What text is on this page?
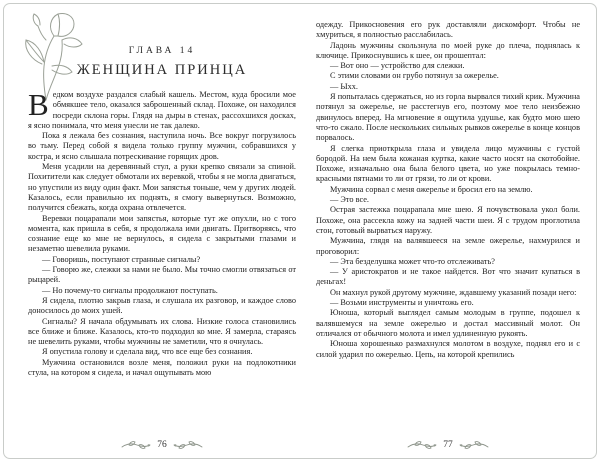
ГЛАВА 14
ЖЕНЩИНА ПРИНЦА

Ведком воздухе раздался слабый кашель. Местом, куда бросили мое обмякшее тело, оказался заброшенный склад. Похоже, он находился посреди склона горы. Глядя на дыры в стенах, рассохшихся досках, я ясно понимала, что меня унесли не так далеко.

Пока я лежала без сознания, наступила ночь. Все вокруг погрузилось во тьму. Перед собой я видела только группу мужчин, собравшихся у костра, и ясно слышала потрескивание горящих дров.

Меня усадили на деревянный стул, а руки крепко связали за спиной. Похитители как следует обмотали их веревкой, чтобы я не могла двигаться, но упустили из виду один факт. Мои запястья тоньше, чем у других людей. Казалось, если правильно их поднять, я смогу вывернуться. Возможно, получится сбежать, когда охрана отвлечется.

Веревки поцарапали мои запястья, которые тут же опухли, но с того момента, как пришла в себя, я продолжала ими двигать. Притворяясь, что сознание еще ко мне не вернулось, я сидела с закрытыми глазами и незаметно шевелила руками.

— Говоришь, поступают странные сигналы?

— Говорю же, слежки за нами не было. Мы точно смогли отвязаться от рыцарей.

— Но почему-то сигналы продолжают поступать.

Я сидела, плотно закрыв глаза, и слушала их разговор, и каждое слово доносилось до моих ушей.

Сигналы? Я начала обдумывать их слова. Низкие голоса становились все ближе и ближе. Казалось, кто-то подходил ко мне. Я замерла, стараясь не шевелить руками, чтобы мужчины не заметили, что я очнулась.

Я опустила голову и сделала вид, что все еще без сознания.

Мужчина остановился возле меня, положил руки на подлокотники стула, на котором я сидела, и начал ощупывать мою

76

одежду. Прикосновения его рук доставляли дискомфорт. Чтобы не хмуриться, я полностью расслабилась.

Ладонь мужчины скользнула по моей руке до плеча, поднялась к ключице. Прикоснувшись к шее, он прошептал:

— Вот оно — устройство для слежки.

С этими словами он грубо потянул за ожерелье.

— Ыхх.

Я попыталась сдержаться, но из горла вырвался тихий крик. Мужчина потянул за ожерелье, не расстегнув его, поэтому мое тело неизбежно двинулось вперед. На мгновение я ощутила удушье, как будто мою шею что-то сжало. После нескольких сильных рывков ожерелье в конце концов порвалось.

Я слегка приоткрыла глаза и увидела лицо мужчины с густой бородой. На нем была кожаная куртка, какие часто носят на скотобойне. Похоже, изначально она была белого цвета, но уже покрылась темно-красными пятнами то ли от грязи, то ли от крови.

Мужчина сорвал с меня ожерелье и бросил его на землю.

— Это все.

Острая застежка поцарапала мне шею. Я почувствовала укол боли. Похоже, она рассекла кожу на задней части шеи. Я с трудом проглотила стон, готовый вырваться наружу.

Мужчина, глядя на валявшееся на земле ожерелье, нахмурился и проговорил:

— Эта безделушка может что-то отслеживать?

— У аристократов и не такое найдется. Вот что значит купаться в деньгах!

Он махнул рукой другому мужчине, ждавшему указаний позади него:

— Возьми инструменты и уничтожь его.

Юноша, который выглядел самым молодым в группе, подошел к валявшемуся на земле ожерелью и достал массивный молот. Он отличался от обычного молота и имел удлиненную рукоять.

Юноша хорошенько размахнулся молотом в воздухе, поднял его и с силой ударил по ожерелью. Цепь, на которой крепились

77
